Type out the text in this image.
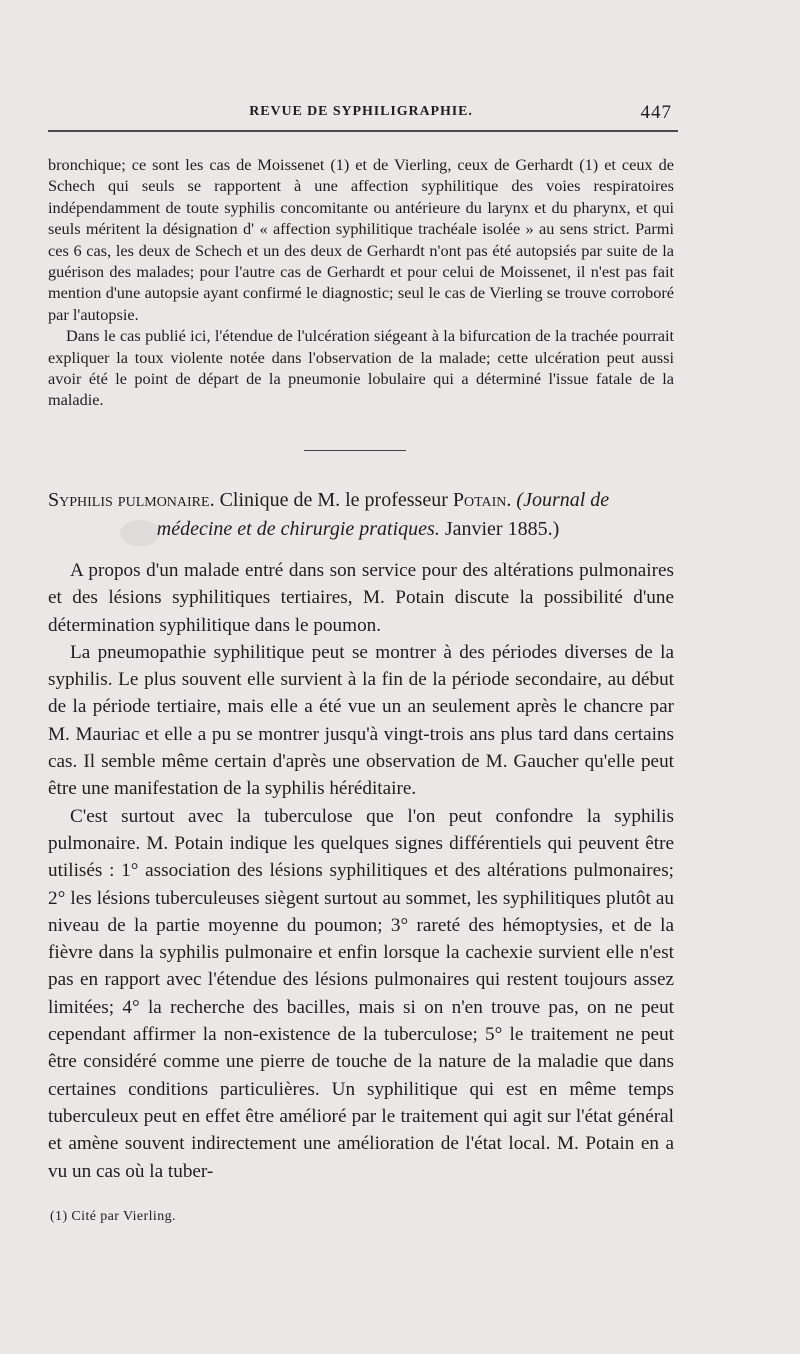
REVUE DE SYPHILIGRAPHIE.	447

bronchique; ce sont les cas de Moissenet (1) et de Vierling, ceux de Gerhardt (1) et ceux de Schech qui seuls se rapportent à une affection syphilitique des voies respiratoires indépendamment de toute syphilis concomitante ou antérieure du larynx et du pharynx, et qui seuls méritent la désignation d' « affection syphilitique trachéale isolée » au sens strict. Parmi ces 6 cas, les deux de Schech et un des deux de Gerhardt n'ont pas été autopsiés par suite de la guérison des malades; pour l'autre cas de Gerhardt et pour celui de Moissenet, il n'est pas fait mention d'une autopsie ayant confirmé le diagnostic; seul le cas de Vierling se trouve corroboré par l'autopsie.

Dans le cas publié ici, l'étendue de l'ulcération siégeant à la bifurcation de la trachée pourrait expliquer la toux violente notée dans l'observation de la malade; cette ulcération peut aussi avoir été le point de départ de la pneumonie lobulaire qui a déterminé l'issue fatale de la maladie.

Syphilis pulmonaire. Clinique de M. le professeur Potain. (Journal de
médecine et de chirurgie pratiques. Janvier 1885.)

A propos d'un malade entré dans son service pour des altérations pulmonaires et des lésions syphilitiques tertiaires, M. Potain discute la possibilité d'une détermination syphilitique dans le poumon.

La pneumopathie syphilitique peut se montrer à des périodes diverses de la syphilis. Le plus souvent elle survient à la fin de la période secondaire, au début de la période tertiaire, mais elle a été vue un an seulement après le chancre par M. Mauriac et elle a pu se montrer jusqu'à vingt-trois ans plus tard dans certains cas. Il semble même certain d'après une observation de M. Gaucher qu'elle peut être une manifestation de la syphilis héréditaire.

C'est surtout avec la tuberculose que l'on peut confondre la syphilis pulmonaire. M. Potain indique les quelques signes différentiels qui peuvent être utilisés : 1° association des lésions syphilitiques et des altérations pulmonaires; 2° les lésions tuberculeuses siègent surtout au sommet, les syphilitiques plutôt au niveau de la partie moyenne du poumon; 3° rareté des hémoptysies, et de la fièvre dans la syphilis pulmonaire et enfin lorsque la cachexie survient elle n'est pas en rapport avec l'étendue des lésions pulmonaires qui restent toujours assez limitées; 4° la recherche des bacilles, mais si on n'en trouve pas, on ne peut cependant affirmer la non-existence de la tuberculose; 5° le traitement ne peut être considéré comme une pierre de touche de la nature de la maladie que dans certaines conditions particulières. Un syphilitique qui est en même temps tuberculeux peut en effet être amélioré par le traitement qui agit sur l'état général et amène souvent indirectement une amélioration de l'état local. M. Potain en a vu un cas où la tuber-

(1) Cité par Vierling.
